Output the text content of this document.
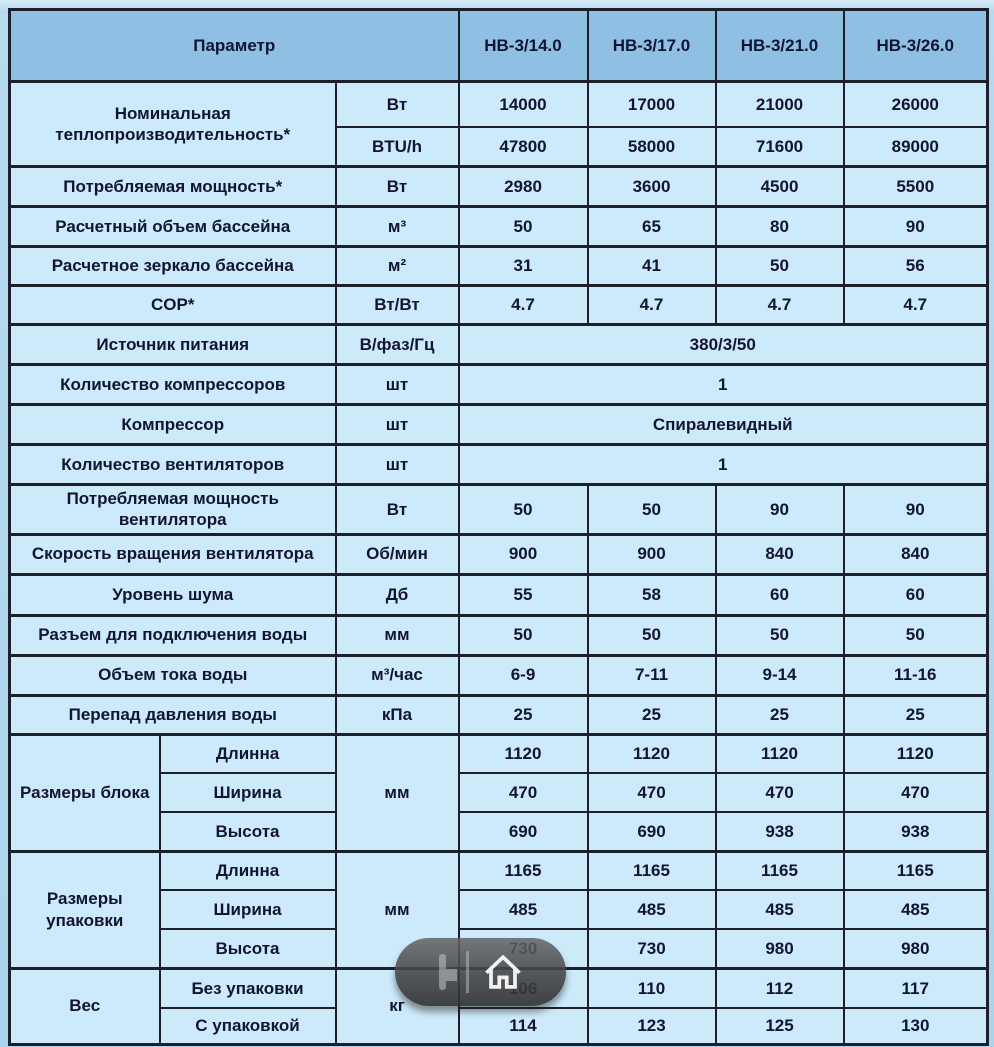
Параметр			HB-3/14.0	HB-3/17.0	HB-3/21.0	HB-3/26.0
Номинальная теплопроизводительность*		Вт	14000	17000	21000	26000
		BTU/h	47800	58000	71600	89000
Потребляемая мощность*		Вт	2980	3600	4500	5500
Расчетный объем бассейна		м³	50	65	80	90
Расчетное зеркало бассейна		м²	31	41	50	56
COP*		Вт/Вт	4.7	4.7	4.7	4.7
Источник питания		В/фаз/Гц	380/3/50			
Количество компрессоров		шт	1			
Компрессор		шт	Спиралевидный			
Количество вентиляторов		шт	1			
Потребляемая мощность вентилятора		Вт	50	50	90	90
Скорость вращения вентилятора		Об/мин	900	900	840	840
Уровень шума		Дб	55	58	60	60
Разъем для подключения воды		мм	50	50	50	50
Объем тока воды		м³/час	6-9	7-11	9-14	11-16
Перепад давления воды		кПа	25	25	25	25
Размеры блока	Длинна	мм	1120	1120	1120	1120
	Ширина		470	470	470	470
	Высота		690	690	938	938
Размеры упаковки	Длинна	мм	1165	1165	1165	1165
	Ширина		485	485	485	485
	Высота			730	980	980
Вес	Без упаковки	кг		110	112	117
	С упаковкой		114	123	125	130
